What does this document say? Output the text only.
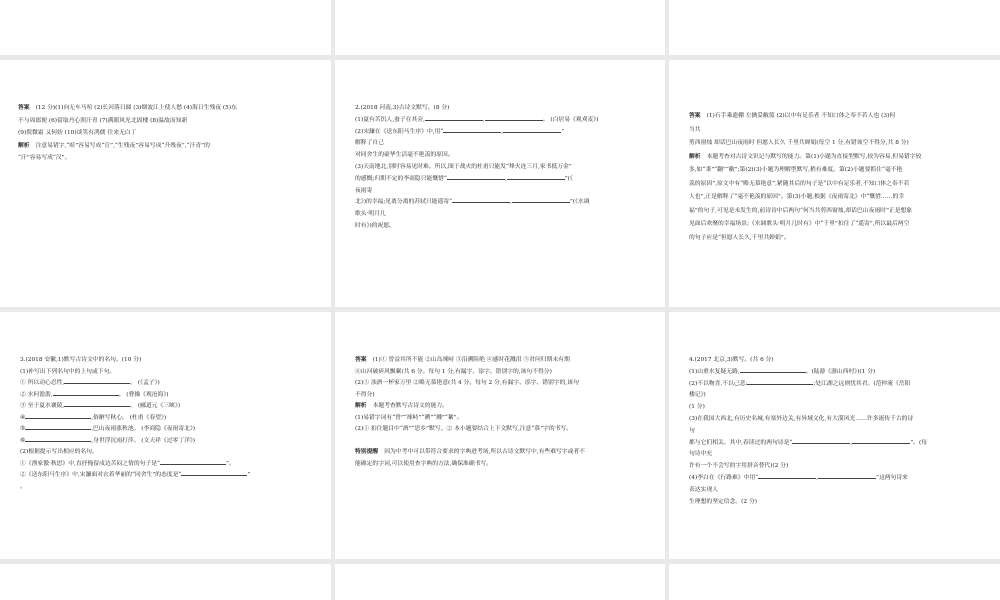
答案 (12 分)(1)向无车马喧 (2)长河落日圆 (3)烟波江上使人愁 (4)海日生残夜 (5)东
不与周郎便 (6)留取丹心照汗青 (7)满眼风光北固楼 (8)温故而知新
(9)鬓微霜 又何妨 (10)谈笑有鸿儒 往来无白丁
解析 注意易错字,“暄”容易写成“宣”,“生残夜”容易写成“升残夜”,“汗青”的
“汗”容易写成“汉”。
2.(2018 河南,3)古诗文默写。(8 分)
(1)夏有苦饥人,蚕子在其旁,	,	。 (白居易《观刈麦》)
(2)宋濂在《送东阳马生序》中,用“	,	”
解释了自己
对同舍生的豪华生活毫不艳羡的原因。
(3)天南地北,别时容易见时难。所以,图于战火的杜甫只能发“烽火连三月,家书抵万金”
的感慨;归期不定的李商隐只能慨惜“	,	”(《
夜雨寄
北》)的幸福;见离分离的苏轼只能遥寄“	,	”(《水调
歌头·明月几
时有》)的祝愿。
答案 (1)石手乘遗棚 左擒妥敝篮 (2)以中有足乐者 不知口体之奉不若人也 (3)何
当共
剪西窗烛 却话巴山夜雨时 但愿人长久 千里共婵娟(每空 1 分,有错该空不得分,共 8 分)
解析 本题考查对古诗文识记与默写的能力。第(1)小题为直接型默写,较为容易,但易错字较
多,如“秉”“翻”“敝”;第(2)(3)小题为理解型默写,稍有难度。第(2)小题要抓住“毫不艳
羡的原因”,原文中有“略无慕艳意”,紧随其后的句子是“以中有足乐者,不知口体之奉不若
人也”,正是解释了“毫不艳羡的原因”。第(3)小题,根据《夜雨寄北》中“慨惜……的幸
福”的句子,可见是未发生的,前诗诗中后两句“何当共剪西窗烛,却话巴山夜雨时”正是想象
见面后欢聚的幸福场景;《水调歌头·明月几时有》中“千里”扣住了“遥寄”,所以最后两空
的句子应是“但愿人长久,千里共婵娟”。
3.(2018 安徽,1)默写古诗文中的名句。(10 分)
(1)补写出下列名句中的上句或下句。
① 所以动心忍性,	。 (《孟子》)
② 水何澹澹,	。 (曹操《观沧海》)
③ 至于夏水襄陵,	。 (郦道元《三峡》)
④	,俗陋写秋心。 (杜甫《春望》)
⑤	,巴山夜雨涨秋池。 (李商隐《夜雨寄北》)
⑥	,身世浮沉雨打萍。 (文天祥《过零丁洋》)
(2)根据提示写出相应的名句。
①《渔家傲·秋思》中,直抒掩留戍边苦闷之情的句子是“	”。
②《送东阳马生序》中,宋濂面对衣着华丽的“同舍生”的态度是“	”
。
答案 (1)① 曾益其所不能 ②山岛竦峙 ③沿溯阻绝 ④感时花溅泪 ⑤君问归期未有期
⑥山河破碎风飘絮(共 6 分。每句 1 分,有漏字、添字、错别字的,该句不得分)
(2)① 浊酒一杯家万里 ②略无慕艳意(共 4 分。每句 2 分,有漏字、添字、错别字的,该句
不得分)
解析 本题考查默写古诗文的能力。
(1)易错字词有“曾”“竦峙”“溯”“溅”“絮”。
(2)① 扣住题目中“酒”“思乡”默写。② 本小题要结合上下文默写,注意“慕”字的书写。
特别提醒 因为中考中可以带符合要求的字典进考场,所以古诗文默写中,有些难写字或者不
能确定的字词,可以使用查字典的方法,确保准确书写。
4.(2017 北京,3)默写。(共 6 分)
(1)山重水复疑无路,	。(陆游《游山西村》)(1 分)
(2)不以物喜,不以己悲;	;处江湖之远则忧其君。(范仲淹《岳阳
楼记》)
(1 分)
(3)在我国大西北,有历史名城,有塞外边关,有异域文化,有大漠风光……许多流传千古的诗
句
都与它们相关。其中,春读过的两句诗是“	,	”。(每
句诗中充
许有一个不会写的字用拼音替代)(2 分)
(4)李白在《行路难》中用“	,	”这两句诗来
表达实现人
生理想的坚定信念。(2 分)
